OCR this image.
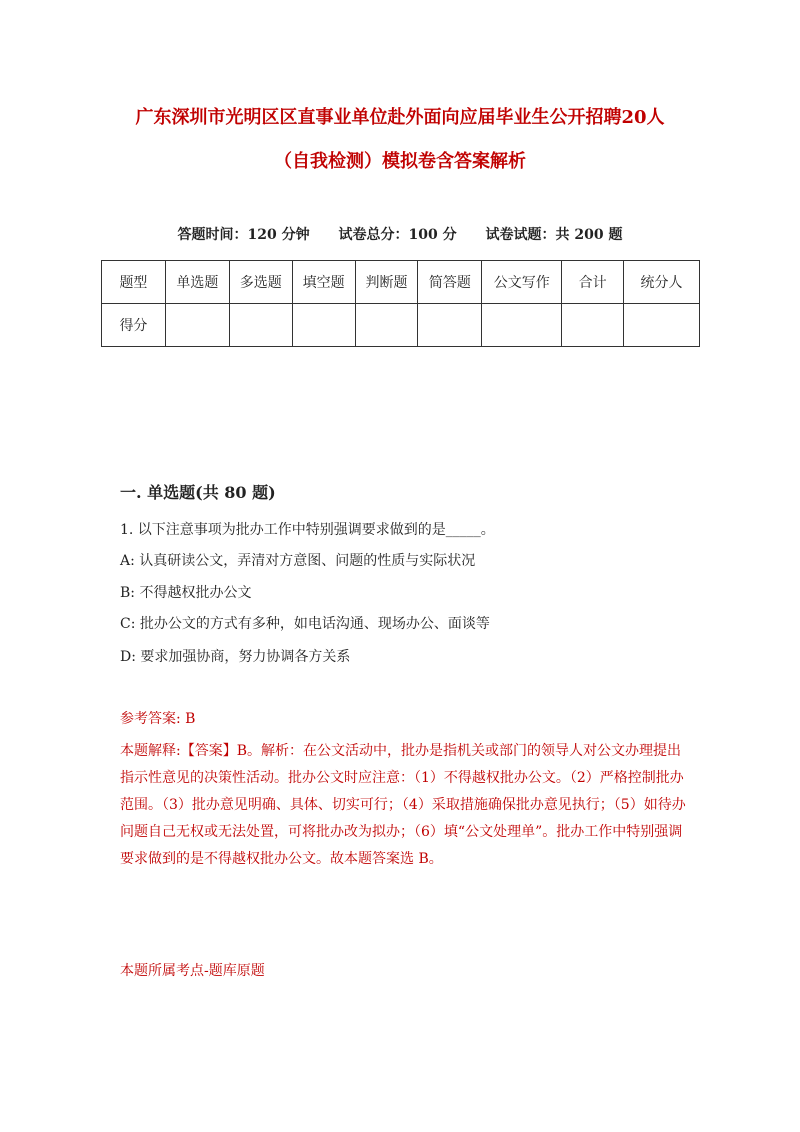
广东深圳市光明区区直事业单位赴外面向应届毕业生公开招聘20人
（自我检测）模拟卷含答案解析
答题时间：120 分钟 试卷总分：100 分 试卷试题：共 200 题
题型	单选题	多选题	填空题	判断题	简答题	公文写作	合计	统分人
得分								
一. 单选题(共 80 题)
1. 以下注意事项为批办工作中特别强调要求做到的是_____。
A: 认真研读公文，弄清对方意图、问题的性质与实际状况
B: 不得越权批办公文
C: 批办公文的方式有多种，如电话沟通、现场办公、面谈等
D: 要求加强协商，努力协调各方关系
参考答案: B
本题解释:【答案】B。解析：在公文活动中，批办是指机关或部门的领导人对公文办理提出指示性意见的决策性活动。批办公文时应注意：（1）不得越权批办公文。（2）严格控制批办范围。（3）批办意见明确、具体、切实可行；（4）采取措施确保批办意见执行；（5）如待办问题自己无权或无法处置，可将批办改为拟办；（6）填“公文处理单”。批办工作中特别强调要求做到的是不得越权批办公文。故本题答案选 B。
本题所属考点-题库原题
